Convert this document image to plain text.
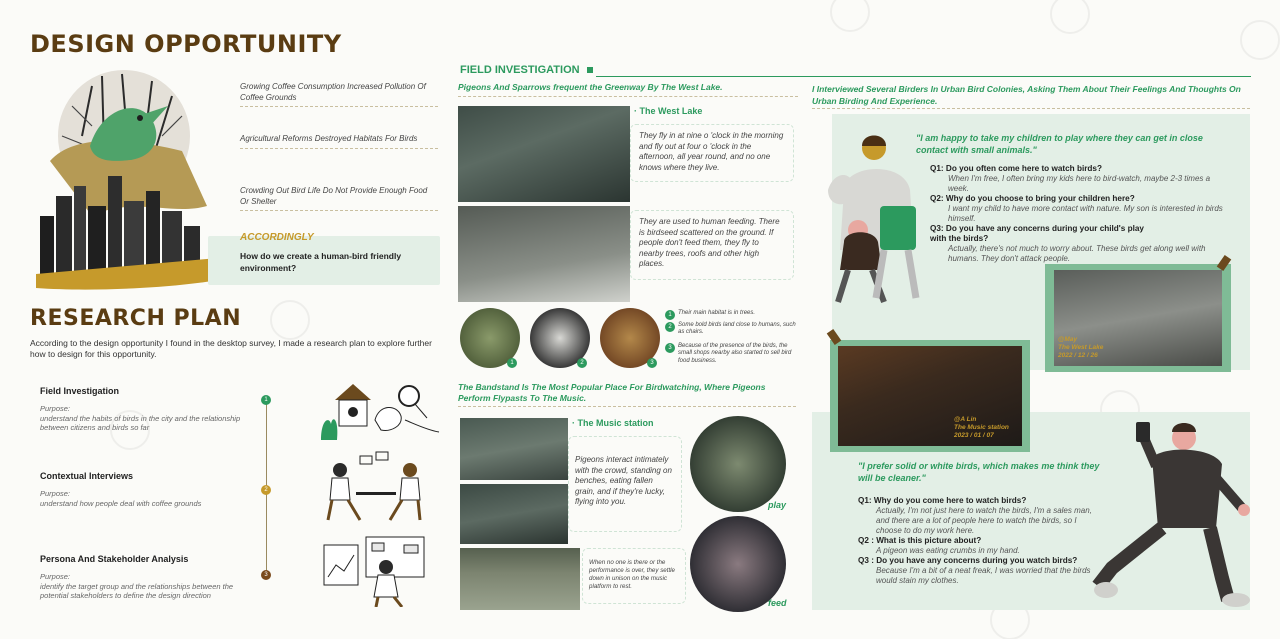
DESIGN OPPORTUNITY
Growing Coffee Consumption Increased Pollution Of Coffee Grounds
Agricultural Reforms Destroyed Habitats For Birds
Crowding Out Bird Life Do Not Provide Enough Food Or Shelter
ACCORDINGLY
How do we create a human-bird friendly environment?
RESEARCH PLAN
According to the design opportunity I found in the desktop survey, I made a research plan to explore further how to design for this opportunity.
Field Investigation
Purpose:
understand the habits of birds in the city and the relationship between citizens and birds so far
Contextual Interviews
Purpose:
understand how people deal with coffee grounds
Persona And Stakeholder Analysis
Purpose:
identify the target group and the relationships between the potential stakeholders to define the design direction
1
2
3
FIELD INVESTIGATION
Pigeons And Sparrows frequent the Greenway By The West Lake.
· The West Lake
They fly in at nine o 'clock in the morning and fly out at four o 'clock in the afternoon, all year round, and no one knows where they live.
They are used to human feeding. There is birdseed scattered on the ground. If people don't feed them, they fly to nearby trees, roofs and other high places.
1	2	3
1	Their main habitat is in trees.
2	Some bold birds land close to humans, such as chairs.
3	Because of the presence of the birds, the small shops nearby also started to sell bird food business.
The Bandstand Is The Most Popular Place For Birdwatching, Where Pigeons Perform Flypasts To The Music.
· The Music station
Pigeons interact intimately with the crowd, standing on benches, eating fallen grain, and if they're lucky, flying into you.
When no one is there or the performance is over, they settle down in unison on the music platform to rest.
play
feed
I Interviewed Several Birders In Urban Bird Colonies, Asking Them About Their Feelings And Thoughts On Urban Birding And Experience.
"I am happy to take my children to play where they can get in close contact with small animals."
Q1: Do you often come here to watch birds?
When I'm free, I often bring my kids here to bird-watch, maybe 2-3 times a week.
Q2: Why do you choose to bring your children here?
I want my child to have more contact with nature. My son is interested in birds himself.
Q3: Do you have any concerns during your child's play with the birds?
Actually, there's not much to worry about. These birds get along well with humans. They don't attack people.
@May
The West Lake
2022 / 12 / 26
@A Lin
The Music station
2023 / 01 / 07
"I prefer solid or white birds, which makes me think they will be cleaner."
Q1: Why do you come here to watch birds?
Actually, I'm not just here to watch the birds, I'm a sales man, and there are a lot of people here to watch the birds, so I choose to do my work here.
Q2 : What is this picture about?
A pigeon was eating crumbs in my hand.
Q3 : Do you have any concerns during you watch birds?
Because I'm a bit of a neat freak, I was worried that the birds would stain my clothes.
